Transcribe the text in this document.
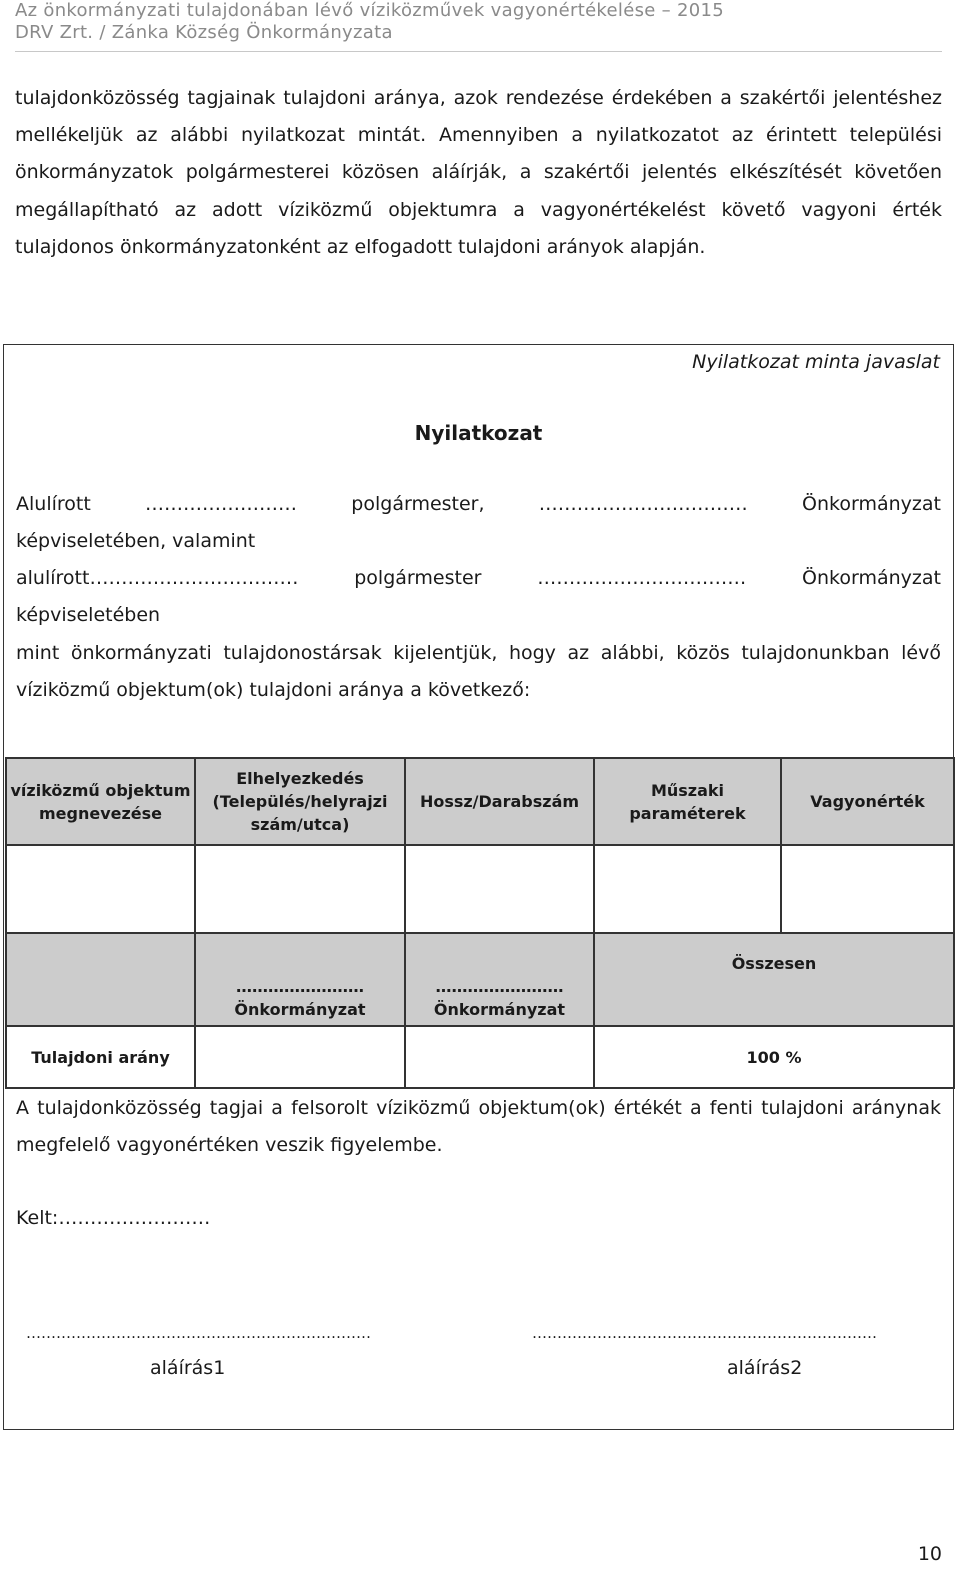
Az önkormányzati tulajdonában lévő víziközművek vagyonértékelése – 2015
DRV Zrt. / Zánka Község Önkormányzata
tulajdonközösség tagjainak tulajdoni aránya, azok rendezése érdekében a szakértői jelentéshez mellékeljük az alábbi nyilatkozat mintát. Amennyiben a nyilatkozatot az érintett települési önkormányzatok polgármesterei közösen aláírják, a szakértői jelentés elkészítését követően megállapítható az adott víziközmű objektumra a vagyonértékelést követő vagyoni érték tulajdonos önkormányzatonként az elfogadott tulajdoni arányok alapján.
Nyilatkozat minta javaslat
Nyilatkozat
Alulírott	……………………	polgármester,	……………………………	Önkormányzat
képviseletében, valamint
alulírott……………………………	polgármester	……………………………	Önkormányzat
képviseletében
mint önkormányzati tulajdonostársak kijelentjük, hogy az alábbi, közös tulajdonunkban lévő víziközmű objektum(ok) tulajdoni aránya a következő:
A tulajdonközösség tagjai a felsorolt víziközmű objektum(ok) értékét a fenti tulajdoni aránynak megfelelő vagyonértéken veszik figyelembe.
Kelt:……………………
……………………………………………………………	……………………………………………………………
aláírás1	aláírás2
víziközmű objektum megnevezése	Elhelyezkedés (Település/helyrajzi szám/utca)	Hossz/Darabszám	Műszaki paraméterek	Vagyonérték

	…………………… Önkormányzat	…………………… Önkormányzat	Összesen	
Tulajdoni arány			100 %	
10
